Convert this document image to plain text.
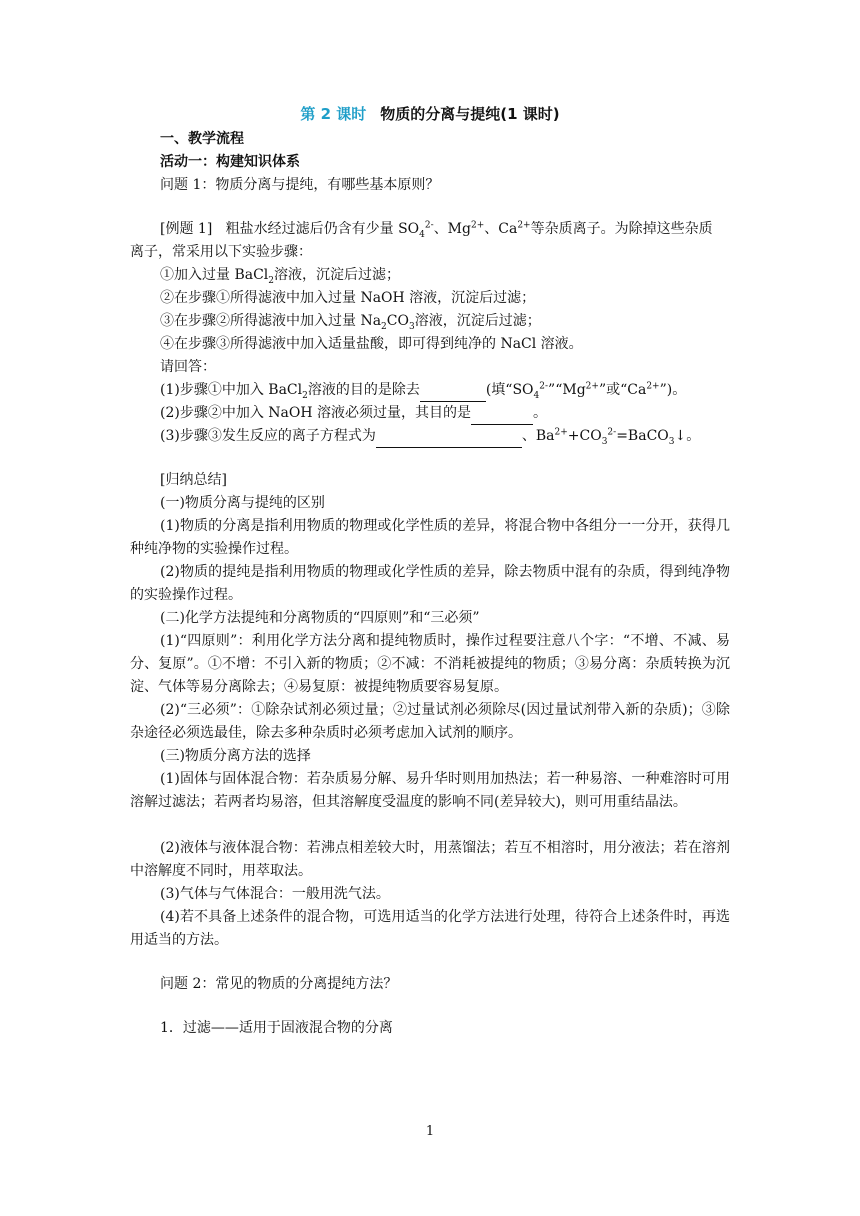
第 2 课时 物质的分离与提纯(1 课时)
一、教学流程
活动一：构建知识体系
问题 1：物质分离与提纯，有哪些基本原则？
[例题 1] 粗盐水经过滤后仍含有少量 $SO_4^{2-}$、$Mg^{2+}$、$Ca^{2+}$等杂质离子。为除掉这些杂质
离子，常采用以下实验步骤：
①加入过量 BaCl$_2$溶液，沉淀后过滤；
②在步骤①所得滤液中加入过量 NaOH 溶液，沉淀后过滤；
③在步骤②所得滤液中加入过量 $Na_2CO_3$溶液，沉淀后过滤；
④在步骤③所得滤液中加入适量盐酸，即可得到纯净的 NaCl 溶液。
请回答：
(1)步骤①中加入 BaCl$_2$溶液的目的是除去	(填“$SO_4^{2-}”“Mg^{2+}$”或“$Ca^{2+}$”)。
(2)步骤②中加入 NaOH 溶液必须过量，其目的是	。
(3)步骤③发生反应的离子方程式为	、$Ba^{2+}+CO_3^{2-}=BaCO_3↓$。
[归纳总结]
(一)物质分离与提纯的区别
(1)物质的分离是指利用物质的物理或化学性质的差异，将混合物中各组分一一分开，获得几种纯净物的实验操作过程。
(2)物质的提纯是指利用物质的物理或化学性质的差异，除去物质中混有的杂质，得到纯净物的实验操作过程。
(二)化学方法提纯和分离物质的“四原则”和“三必须”
(1)“四原则”：利用化学方法分离和提纯物质时，操作过程要注意八个字：“不增、不减、易分、复原”。①不增：不引入新的物质；②不减：不消耗被提纯的物质；③易分离：杂质转换为沉淀、气体等易分离除去；④易复原：被提纯物质要容易复原。
(2)“三必须”：①除杂试剂必须过量；②过量试剂必须除尽(因过量试剂带入新的杂质)；③除杂途径必须选最佳，除去多种杂质时必须考虑加入试剂的顺序。
(三)物质分离方法的选择
(1)固体与固体混合物：若杂质易分解、易升华时则用加热法；若一种易溶、一种难溶时可用溶解过滤法；若两者均易溶，但其溶解度受温度的影响不同(差异较大)，则可用重结晶法。
(2)液体与液体混合物：若沸点相差较大时，用蒸馏法；若互不相溶时，用分液法；若在溶剂中溶解度不同时，用萃取法。
(3)气体与气体混合：一般用洗气法。
(4)若不具备上述条件的混合物，可选用适当的化学方法进行处理，待符合上述条件时，再选用适当的方法。
问题 2：常见的物质的分离提纯方法？
1．过滤——适用于固液混合物的分离
1
